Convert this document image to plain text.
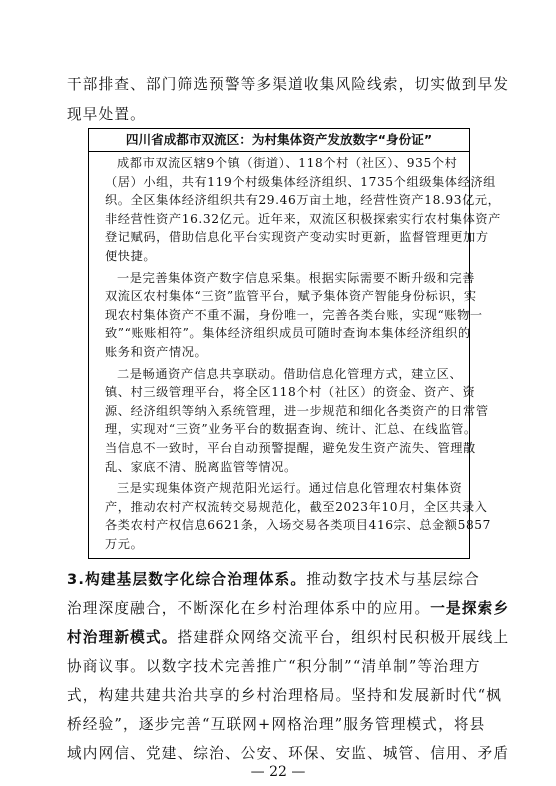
干部排查、部门筛选预警等多渠道收集风险线索，切实做到早发

现早处置。

四川省成都市双流区：为村集体资产发放数字“身份证”

成都市双流区辖9个镇（街道）、118个村（社区）、935个村

（居）小组，共有119个村级集体经济组织、1735个组级集体经济组

织。全区集体经济组织共有29.46万亩土地，经营性资产18.93亿元，

非经营性资产16.32亿元。近年来，双流区积极探索实行农村集体资产

登记赋码，借助信息化平台实现资产变动实时更新，监督管理更加方

便快捷。

一是完善集体资产数字信息采集。根据实际需要不断升级和完善

双流区农村集体“三资”监管平台，赋予集体资产智能身份标识，实

现农村集体资产不重不漏，身份唯一，完善各类台账，实现“账物一

致”“账账相符”。集体经济组织成员可随时查询本集体经济组织的

账务和资产情况。

二是畅通资产信息共享联动。借助信息化管理方式，建立区、

镇、村三级管理平台，将全区118个村（社区）的资金、资产、资

源、经济组织等纳入系统管理，进一步规范和细化各类资产的日常管

理，实现对“三资”业务平台的数据查询、统计、汇总、在线监管。

当信息不一致时，平台自动预警提醒，避免发生资产流失、管理散

乱、家底不清、脱离监管等情况。

三是实现集体资产规范阳光运行。通过信息化管理农村集体资

产，推动农村产权流转交易规范化，截至2023年10月，全区共录入

各类农村产权信息6621条，入场交易各类项目416宗、总金额5857

万元。

3.构建基层数字化综合治理体系。推动数字技术与基层综合

治理深度融合，不断深化在乡村治理体系中的应用。一是探索乡

村治理新模式。搭建群众网络交流平台，组织村民积极开展线上

协商议事。以数字技术完善推广“积分制”“清单制”等治理方

式，构建共建共治共享的乡村治理格局。坚持和发展新时代“枫

桥经验”，逐步完善“互联网+网格治理”服务管理模式，将县

— 22 —

域内网信、党建、综治、公安、环保、安监、城管、信用、矛盾
